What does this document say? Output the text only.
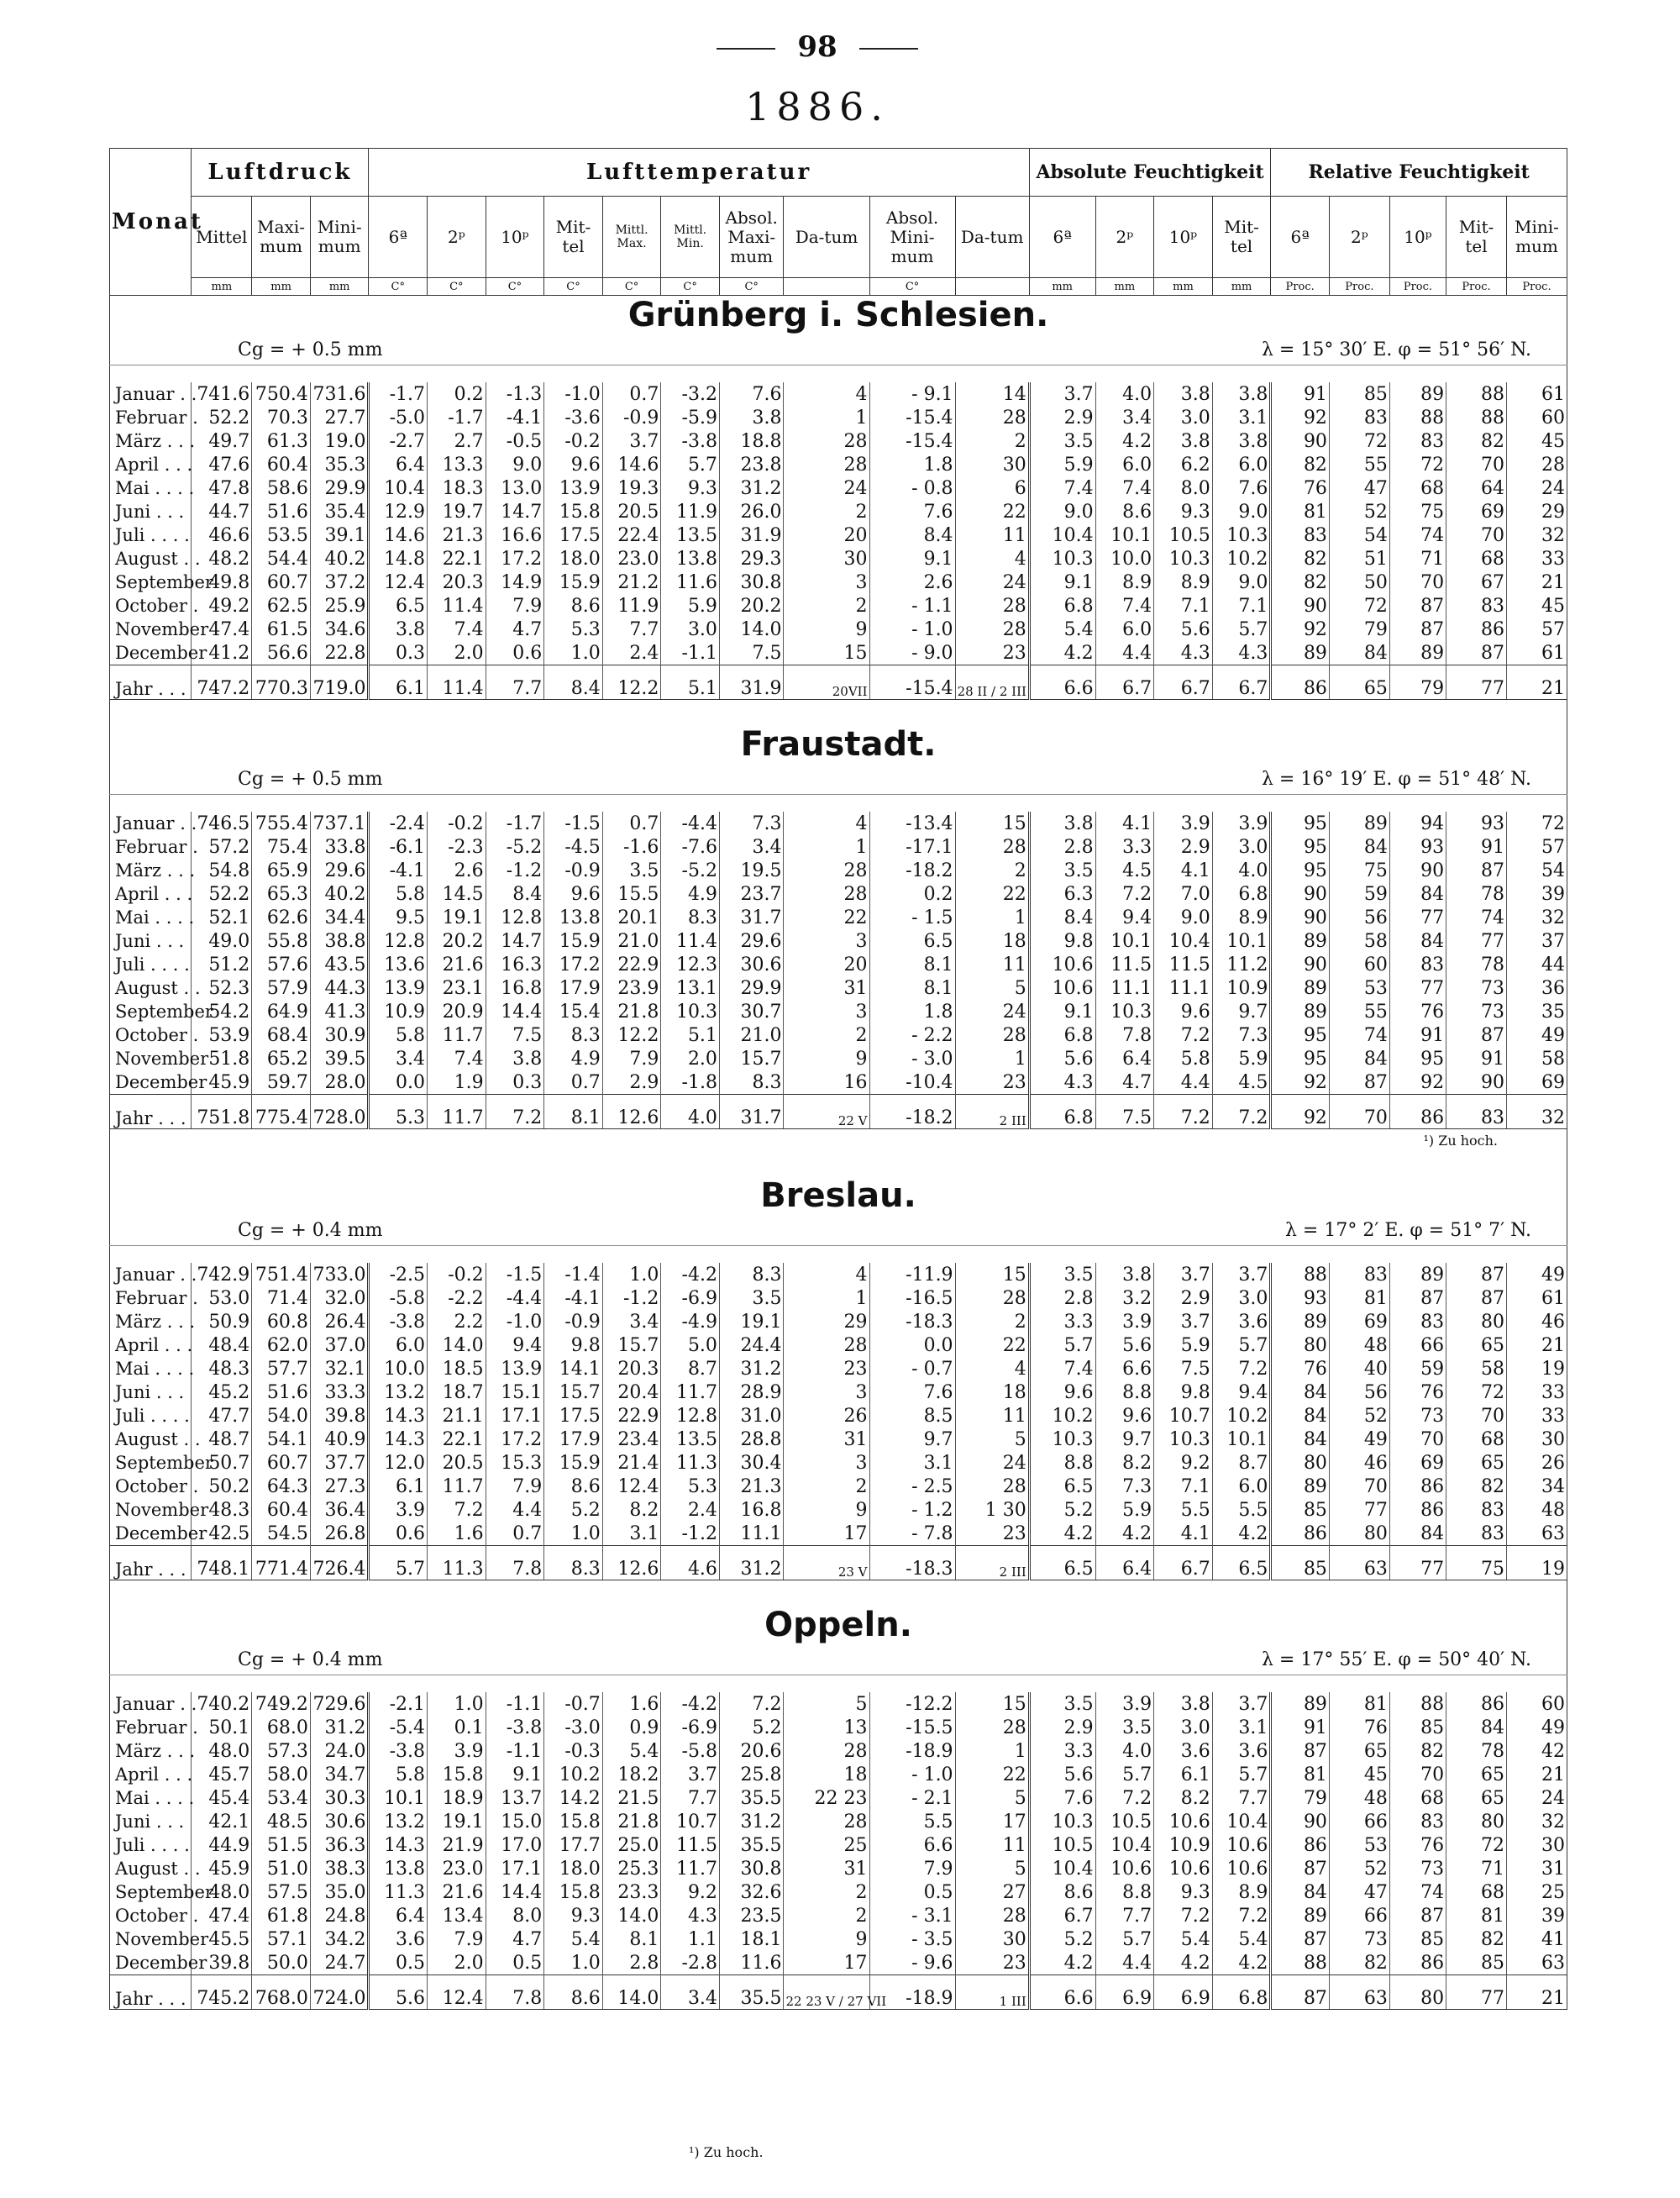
98
1886.
Monat	Luftdruck			Lufttemperatur										Absolute Feuchtigkeit				Relative Feuchtigkeit				
	Mittel	Maxi-mum	Mini-mum	6ª	2ᵖ	10ᵖ	Mit-tel	Mittl. Max.	Mittl. Min.	Absol. Maxi-mum	Da-tum	Absol. Mini-mum	Da-tum	6ª	2ᵖ	10ᵖ	Mit-tel	6ª	2ᵖ	10ᵖ	Mit-tel	Mini-mum
	mm	mm	mm	C°	C°	C°	C°	C°	C°	C°		C°		mm	mm	mm	mm	Proc.	Proc.	Proc.	Proc.	Proc.
Grünberg i. Schlesien.																						

Cg = + 0.5 mm λ = 15° 30′ E. φ = 51° 56′ N.																						

Januar . .	741.6	750.4	731.6	-1.7	0.2	-1.3	-1.0	0.7	-3.2	7.6	4	- 9.1	14	3.7	4.0	3.8	3.8	91	85	89	88	61
Februar .	52.2	70.3	27.7	-5.0	-1.7	-4.1	-3.6	-0.9	-5.9	3.8	1	-15.4	28	2.9	3.4	3.0	3.1	92	83	88	88	60
März . . .	49.7	61.3	19.0	-2.7	2.7	-0.5	-0.2	3.7	-3.8	18.8	28	-15.4	2	3.5	4.2	3.8	3.8	90	72	83	82	45
April . . .	47.6	60.4	35.3	6.4	13.3	9.0	9.6	14.6	5.7	23.8	28	1.8	30	5.9	6.0	6.2	6.0	82	55	72	70	28
Mai . . . .	47.8	58.6	29.9	10.4	18.3	13.0	13.9	19.3	9.3	31.2	24	- 0.8	6	7.4	7.4	8.0	7.6	76	47	68	64	24
Juni . . .	44.7	51.6	35.4	12.9	19.7	14.7	15.8	20.5	11.9	26.0	2	7.6	22	9.0	8.6	9.3	9.0	81	52	75	69	29
Juli . . . .	46.6	53.5	39.1	14.6	21.3	16.6	17.5	22.4	13.5	31.9	20	8.4	11	10.4	10.1	10.5	10.3	83	54	74	70	32
August . .	48.2	54.4	40.2	14.8	22.1	17.2	18.0	23.0	13.8	29.3	30	9.1	4	10.3	10.0	10.3	10.2	82	51	71	68	33
September	49.8	60.7	37.2	12.4	20.3	14.9	15.9	21.2	11.6	30.8	3	2.6	24	9.1	8.9	8.9	9.0	82	50	70	67	21
October .	49.2	62.5	25.9	6.5	11.4	7.9	8.6	11.9	5.9	20.2	2	- 1.1	28	6.8	7.4	7.1	7.1	90	72	87	83	45
November	47.4	61.5	34.6	3.8	7.4	4.7	5.3	7.7	3.0	14.0	9	- 1.0	28	5.4	6.0	5.6	5.7	92	79	87	86	57
December	41.2	56.6	22.8	0.3	2.0	0.6	1.0	2.4	-1.1	7.5	15	- 9.0	23	4.2	4.4	4.3	4.3	89	84	89	87	61
Jahr . . .	747.2	770.3	719.0	6.1	11.4	7.7	8.4	12.2	5.1	31.9	20VII	-15.4	28 II / 2 III	6.6	6.7	6.7	6.7	86	65	79	77	21

Fraustadt.																						

Cg = + 0.5 mm λ = 16° 19′ E. φ = 51° 48′ N.																						

Januar . .	746.5	755.4	737.1	-2.4	-0.2	-1.7	-1.5	0.7	-4.4	7.3	4	-13.4	15	3.8	4.1	3.9	3.9	95	89	94	93	72
Februar .	57.2	75.4	33.8	-6.1	-2.3	-5.2	-4.5	-1.6	-7.6	3.4	1	-17.1	28	2.8	3.3	2.9	3.0	95	84	93	91	57
März . . .	54.8	65.9	29.6	-4.1	2.6	-1.2	-0.9	3.5	-5.2	19.5	28	-18.2	2	3.5	4.5	4.1	4.0	95	75	90	87	54
April . . .	52.2	65.3	40.2	5.8	14.5	8.4	9.6	15.5	4.9	23.7	28	0.2	22	6.3	7.2	7.0	6.8	90	59	84	78	39
Mai . . . .	52.1	62.6	34.4	9.5	19.1	12.8	13.8	20.1	8.3	31.7	22	- 1.5	1	8.4	9.4	9.0	8.9	90	56	77	74	32
Juni . . .	49.0	55.8	38.8	12.8	20.2	14.7	15.9	21.0	11.4	29.6	3	6.5	18	9.8	10.1	10.4	10.1	89	58	84	77	37
Juli . . . .	51.2	57.6	43.5	13.6	21.6	16.3	17.2	22.9	12.3	30.6	20	8.1	11	10.6	11.5	11.5	11.2	90	60	83	78	44
August . .	52.3	57.9	44.3	13.9	23.1	16.8	17.9	23.9	13.1	29.9	31	8.1	5	10.6	11.1	11.1	10.9	89	53	77	73	36
September	54.2	64.9	41.3	10.9	20.9	14.4	15.4	21.8	10.3	30.7	3	1.8	24	9.1	10.3	9.6	9.7	89	55	76	73	35
October .	53.9	68.4	30.9	5.8	11.7	7.5	8.3	12.2	5.1	21.0	2	- 2.2	28	6.8	7.8	7.2	7.3	95	74	91	87	49
November	51.8	65.2	39.5	3.4	7.4	3.8	4.9	7.9	2.0	15.7	9	- 3.0	1	5.6	6.4	5.8	5.9	95	84	95	91	58
December	45.9	59.7	28.0	0.0	1.9	0.3	0.7	2.9	-1.8	8.3	16	-10.4	23	4.3	4.7	4.4	4.5	92	87	92	90	69
Jahr . . .	751.8	775.4	728.0	5.3	11.7	7.2	8.1	12.6	4.0	31.7	22 V	-18.2	2 III	6.8	7.5	7.2	7.2	92	70	86	83	32

¹) Zu hoch.																						

Breslau.																						

Cg = + 0.4 mm λ = 17° 2′ E. φ = 51° 7′ N.																						

Januar . .	742.9	751.4	733.0	-2.5	-0.2	-1.5	-1.4	1.0	-4.2	8.3	4	-11.9	15	3.5	3.8	3.7	3.7	88	83	89	87	49
Februar .	53.0	71.4	32.0	-5.8	-2.2	-4.4	-4.1	-1.2	-6.9	3.5	1	-16.5	28	2.8	3.2	2.9	3.0	93	81	87	87	61
März . . .	50.9	60.8	26.4	-3.8	2.2	-1.0	-0.9	3.4	-4.9	19.1	29	-18.3	2	3.3	3.9	3.7	3.6	89	69	83	80	46
April . . .	48.4	62.0	37.0	6.0	14.0	9.4	9.8	15.7	5.0	24.4	28	0.0	22	5.7	5.6	5.9	5.7	80	48	66	65	21
Mai . . . .	48.3	57.7	32.1	10.0	18.5	13.9	14.1	20.3	8.7	31.2	23	- 0.7	4	7.4	6.6	7.5	7.2	76	40	59	58	19
Juni . . .	45.2	51.6	33.3	13.2	18.7	15.1	15.7	20.4	11.7	28.9	3	7.6	18	9.6	8.8	9.8	9.4	84	56	76	72	33
Juli . . . .	47.7	54.0	39.8	14.3	21.1	17.1	17.5	22.9	12.8	31.0	26	8.5	11	10.2	9.6	10.7	10.2	84	52	73	70	33
August . .	48.7	54.1	40.9	14.3	22.1	17.2	17.9	23.4	13.5	28.8	31	9.7	5	10.3	9.7	10.3	10.1	84	49	70	68	30
September	50.7	60.7	37.7	12.0	20.5	15.3	15.9	21.4	11.3	30.4	3	3.1	24	8.8	8.2	9.2	8.7	80	46	69	65	26
October .	50.2	64.3	27.3	6.1	11.7	7.9	8.6	12.4	5.3	21.3	2	- 2.5	28	6.5	7.3	7.1	6.0	89	70	86	82	34
November	48.3	60.4	36.4	3.9	7.2	4.4	5.2	8.2	2.4	16.8	9	- 1.2	1 30	5.2	5.9	5.5	5.5	85	77	86	83	48
December	42.5	54.5	26.8	0.6	1.6	0.7	1.0	3.1	-1.2	11.1	17	- 7.8	23	4.2	4.2	4.1	4.2	86	80	84	83	63
Jahr . . .	748.1	771.4	726.4	5.7	11.3	7.8	8.3	12.6	4.6	31.2	23 V	-18.3	2 III	6.5	6.4	6.7	6.5	85	63	77	75	19

Oppeln.																						

Cg = + 0.4 mm λ = 17° 55′ E. φ = 50° 40′ N.																						

Januar . .	740.2	749.2	729.6	-2.1	1.0	-1.1	-0.7	1.6	-4.2	7.2	5	-12.2	15	3.5	3.9	3.8	3.7	89	81	88	86	60
Februar .	50.1	68.0	31.2	-5.4	0.1	-3.8	-3.0	0.9	-6.9	5.2	13	-15.5	28	2.9	3.5	3.0	3.1	91	76	85	84	49
März . . .	48.0	57.3	24.0	-3.8	3.9	-1.1	-0.3	5.4	-5.8	20.6	28	-18.9	1	3.3	4.0	3.6	3.6	87	65	82	78	42
April . . .	45.7	58.0	34.7	5.8	15.8	9.1	10.2	18.2	3.7	25.8	18	- 1.0	22	5.6	5.7	6.1	5.7	81	45	70	65	21
Mai . . . .	45.4	53.4	30.3	10.1	18.9	13.7	14.2	21.5	7.7	35.5	22 23	- 2.1	5	7.6	7.2	8.2	7.7	79	48	68	65	24
Juni . . .	42.1	48.5	30.6	13.2	19.1	15.0	15.8	21.8	10.7	31.2	28	5.5	17	10.3	10.5	10.6	10.4	90	66	83	80	32
Juli . . . .	44.9	51.5	36.3	14.3	21.9	17.0	17.7	25.0	11.5	35.5	25	6.6	11	10.5	10.4	10.9	10.6	86	53	76	72	30
August . .	45.9	51.0	38.3	13.8	23.0	17.1	18.0	25.3	11.7	30.8	31	7.9	5	10.4	10.6	10.6	10.6	87	52	73	71	31
September	48.0	57.5	35.0	11.3	21.6	14.4	15.8	23.3	9.2	32.6	2	0.5	27	8.6	8.8	9.3	8.9	84	47	74	68	25
October .	47.4	61.8	24.8	6.4	13.4	8.0	9.3	14.0	4.3	23.5	2	- 3.1	28	6.7	7.7	7.2	7.2	89	66	87	81	39
November	45.5	57.1	34.2	3.6	7.9	4.7	5.4	8.1	1.1	18.1	9	- 3.5	30	5.2	5.7	5.4	5.4	87	73	85	82	41
December	39.8	50.0	24.7	0.5	2.0	0.5	1.0	2.8	-2.8	11.6	17	- 9.6	23	4.2	4.4	4.2	4.2	88	82	86	85	63
Jahr . . .	745.2	768.0	724.0	5.6	12.4	7.8	8.6	14.0	3.4	35.5	22 23 V / 27 VII	-18.9	1 III	6.6	6.9	6.9	6.8	87	63	80	77	21
¹) Zu hoch.
